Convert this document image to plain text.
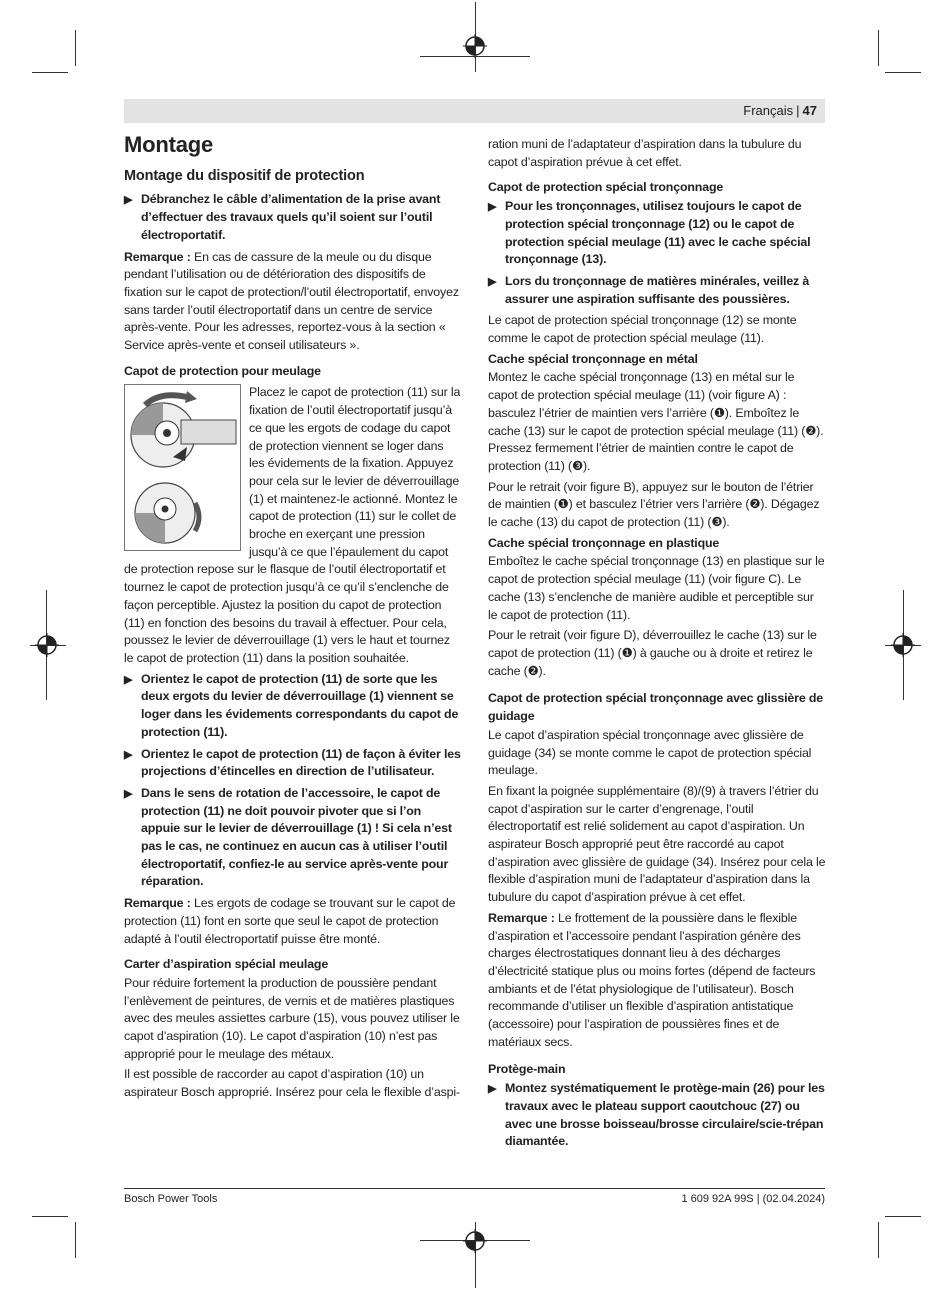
Français | 47
Montage
Montage du dispositif de protection
▶ Débranchez le câble d’alimentation de la prise avant d’effectuer des travaux quels qu’il soient sur l’outil électroportatif.

Remarque : En cas de cassure de la meule ou du disque pendant l’utilisation ou de détérioration des dispositifs de fixation sur le capot de protection/l’outil électroportatif, envoyez sans tarder l’outil électroportatif dans un centre de service après-vente. Pour les adresses, reportez-vous à la section « Service après-vente et conseil utilisateurs ».

Capot de protection pour meulage

Placez le capot de protection (11) sur la fixation de l’outil électroportatif jusqu’à ce que les ergots de codage du capot de protection viennent se loger dans les évidements de la fixation. Appuyez pour cela sur le levier de déverrouillage (1) et maintenez-le actionné. Montez le capot de protection (11) sur le collet de broche en exerçant une pression jusqu’à ce que l’épaulement du capot de protection repose sur le flasque de l’outil électroportatif et tournez le capot de protection jusqu’à ce qu’il s’enclenche de façon perceptible. Ajustez la position du capot de protection (11) en fonction des besoins du travail à effectuer. Pour cela, poussez le levier de déverrouillage (1) vers le haut et tournez le capot de protection (11) dans la position souhaitée.

▶ Orientez le capot de protection (11) de sorte que les deux ergots du levier de déverrouillage (1) viennent se loger dans les évidements correspondants du capot de protection (11).
▶ Orientez le capot de protection (11) de façon à éviter les projections d’étincelles en direction de l’utilisateur.
▶ Dans le sens de rotation de l’accessoire, le capot de protection (11) ne doit pouvoir pivoter que si l’on appuie sur le levier de déverrouillage (1) ! Si cela n’est pas le cas, ne continuez en aucun cas à utiliser l’outil électroportatif, confiez-le au service après-vente pour réparation.

Remarque : Les ergots de codage se trouvant sur le capot de protection (11) font en sorte que seul le capot de protection adapté à l’outil électroportatif puisse être monté.

Carter d’aspiration spécial meulage

Pour réduire fortement la production de poussière pendant l’enlèvement de peintures, de vernis et de matières plastiques avec des meules assiettes carbure (15), vous pouvez utiliser le capot d’aspiration (10). Le capot d’aspiration (10) n’est pas approprié pour le meulage des métaux.

Il est possible de raccorder au capot d’aspiration (10) un aspirateur Bosch approprié. Insérez pour cela le flexible d’aspi-

ration muni de l’adaptateur d’aspiration dans la tubulure du capot d’aspiration prévue à cet effet.

Capot de protection spécial tronçonnage
▶ Pour les tronçonnages, utilisez toujours le capot de protection spécial tronçonnage (12) ou le capot de protection spécial meulage (11) avec le cache spécial tronçonnage (13).
▶ Lors du tronçonnage de matières minérales, veillez à assurer une aspiration suffisante des poussières.

Le capot de protection spécial tronçonnage (12) se monte comme le capot de protection spécial meulage (11).

Cache spécial tronçonnage en métal

Montez le cache spécial tronçonnage (13) en métal sur le capot de protection spécial meulage (11) (voir figure A) : basculez l’étrier de maintien vers l’arrière (❶). Emboîtez le cache (13) sur le capot de protection spécial meulage (11) (❷). Pressez fermement l’étrier de maintien contre le capot de protection (11) (❸).

Pour le retrait (voir figure B), appuyez sur le bouton de l’étrier de maintien (❶) et basculez l’étrier vers l’arrière (❷). Dégagez le cache (13) du capot de protection (11) (❸).

Cache spécial tronçonnage en plastique

Emboîtez le cache spécial tronçonnage (13) en plastique sur le capot de protection spécial meulage (11) (voir figure C). Le cache (13) s’enclenche de manière audible et perceptible sur le capot de protection (11).

Pour le retrait (voir figure D), déverrouillez le cache (13) sur le capot de protection (11) (❶) à gauche ou à droite et retirez le cache (❷).

Capot de protection spécial tronçonnage avec glissière de guidage

Le capot d’aspiration spécial tronçonnage avec glissière de guidage (34) se monte comme le capot de protection spécial meulage.

En fixant la poignée supplémentaire (8)/(9) à travers l’étrier du capot d’aspiration sur le carter d’engrenage, l’outil électroportatif est relié solidement au capot d’aspiration. Un aspirateur Bosch approprié peut être raccordé au capot d’aspiration avec glissière de guidage (34). Insérez pour cela le flexible d’aspiration muni de l’adaptateur d’aspiration dans la tubulure du capot d’aspiration prévue à cet effet.

Remarque : Le frottement de la poussière dans le flexible d’aspiration et l’accessoire pendant l’aspiration génère des charges électrostatiques donnant lieu à des décharges d’électricité statique plus ou moins fortes (dépend de facteurs ambiants et de l’état physiologique de l’utilisateur). Bosch recommande d’utiliser un flexible d’aspiration antistatique (accessoire) pour l’aspiration de poussières fines et de matériaux secs.

Protège-main
▶ Montez systématiquement le protège-main (26) pour les travaux avec le plateau support caoutchouc (27) ou avec une brosse boisseau/brosse circulaire/scie-trépan diamantée.
Bosch Power Tools	1 609 92A 99S | (02.04.2024)
